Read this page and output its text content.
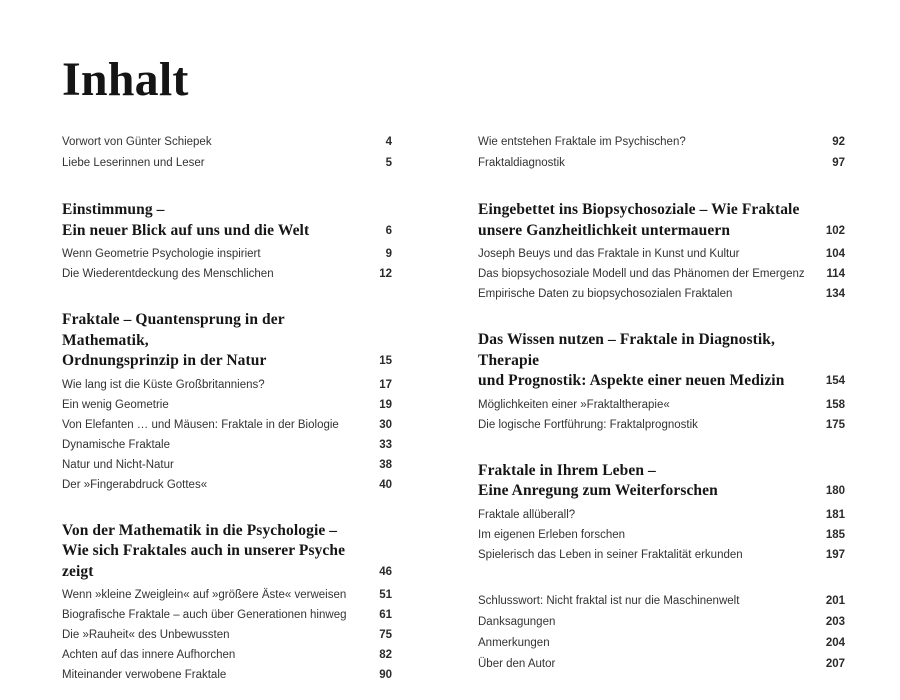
Inhalt
Vorwort von Günter Schiepek	4
Liebe Leserinnen und Leser	5
Einstimmung –
Ein neuer Blick auf uns und die Welt	6
Wenn Geometrie Psychologie inspiriert	9
Die Wiederentdeckung des Menschlichen	12
Fraktale – Quantensprung in der Mathematik,
Ordnungsprinzip in der Natur	15
Wie lang ist die Küste Großbritanniens?	17
Ein wenig Geometrie	19
Von Elefanten … und Mäusen: Fraktale in der Biologie	30
Dynamische Fraktale	33
Natur und Nicht-Natur	38
Der »Fingerabdruck Gottes«	40
Von der Mathematik in die Psychologie –
Wie sich Fraktales auch in unserer Psyche zeigt	46
Wenn »kleine Zweiglein« auf »größere Äste« verweisen	51
Biografische Fraktale – auch über Generationen hinweg	61
Die »Rauheit« des Unbewussten	75
Achten auf das innere Aufhorchen	82
Miteinander verwobene Fraktale	90
Wie entstehen Fraktale im Psychischen?	92
Fraktaldiagnostik	97
Eingebettet ins Biopsychosoziale – Wie Fraktale
unsere Ganzheitlichkeit untermauern	102
Joseph Beuys und das Fraktale in Kunst und Kultur	104
Das biopsychosoziale Modell und das Phänomen der Emergenz	114
Empirische Daten zu biopsychosozialen Fraktalen	134
Das Wissen nutzen – Fraktale in Diagnostik, Therapie
und Prognostik: Aspekte einer neuen Medizin	154
Möglichkeiten einer »Fraktaltherapie«	158
Die logische Fortführung: Fraktalprognostik	175
Fraktale in Ihrem Leben –
Eine Anregung zum Weiterforschen	180
Fraktale allüberall?	181
Im eigenen Erleben forschen	185
Spielerisch das Leben in seiner Fraktalität erkunden	197
Schlusswort: Nicht fraktal ist nur die Maschinenwelt	201
Danksagungen	203
Anmerkungen	204
Über den Autor	207
